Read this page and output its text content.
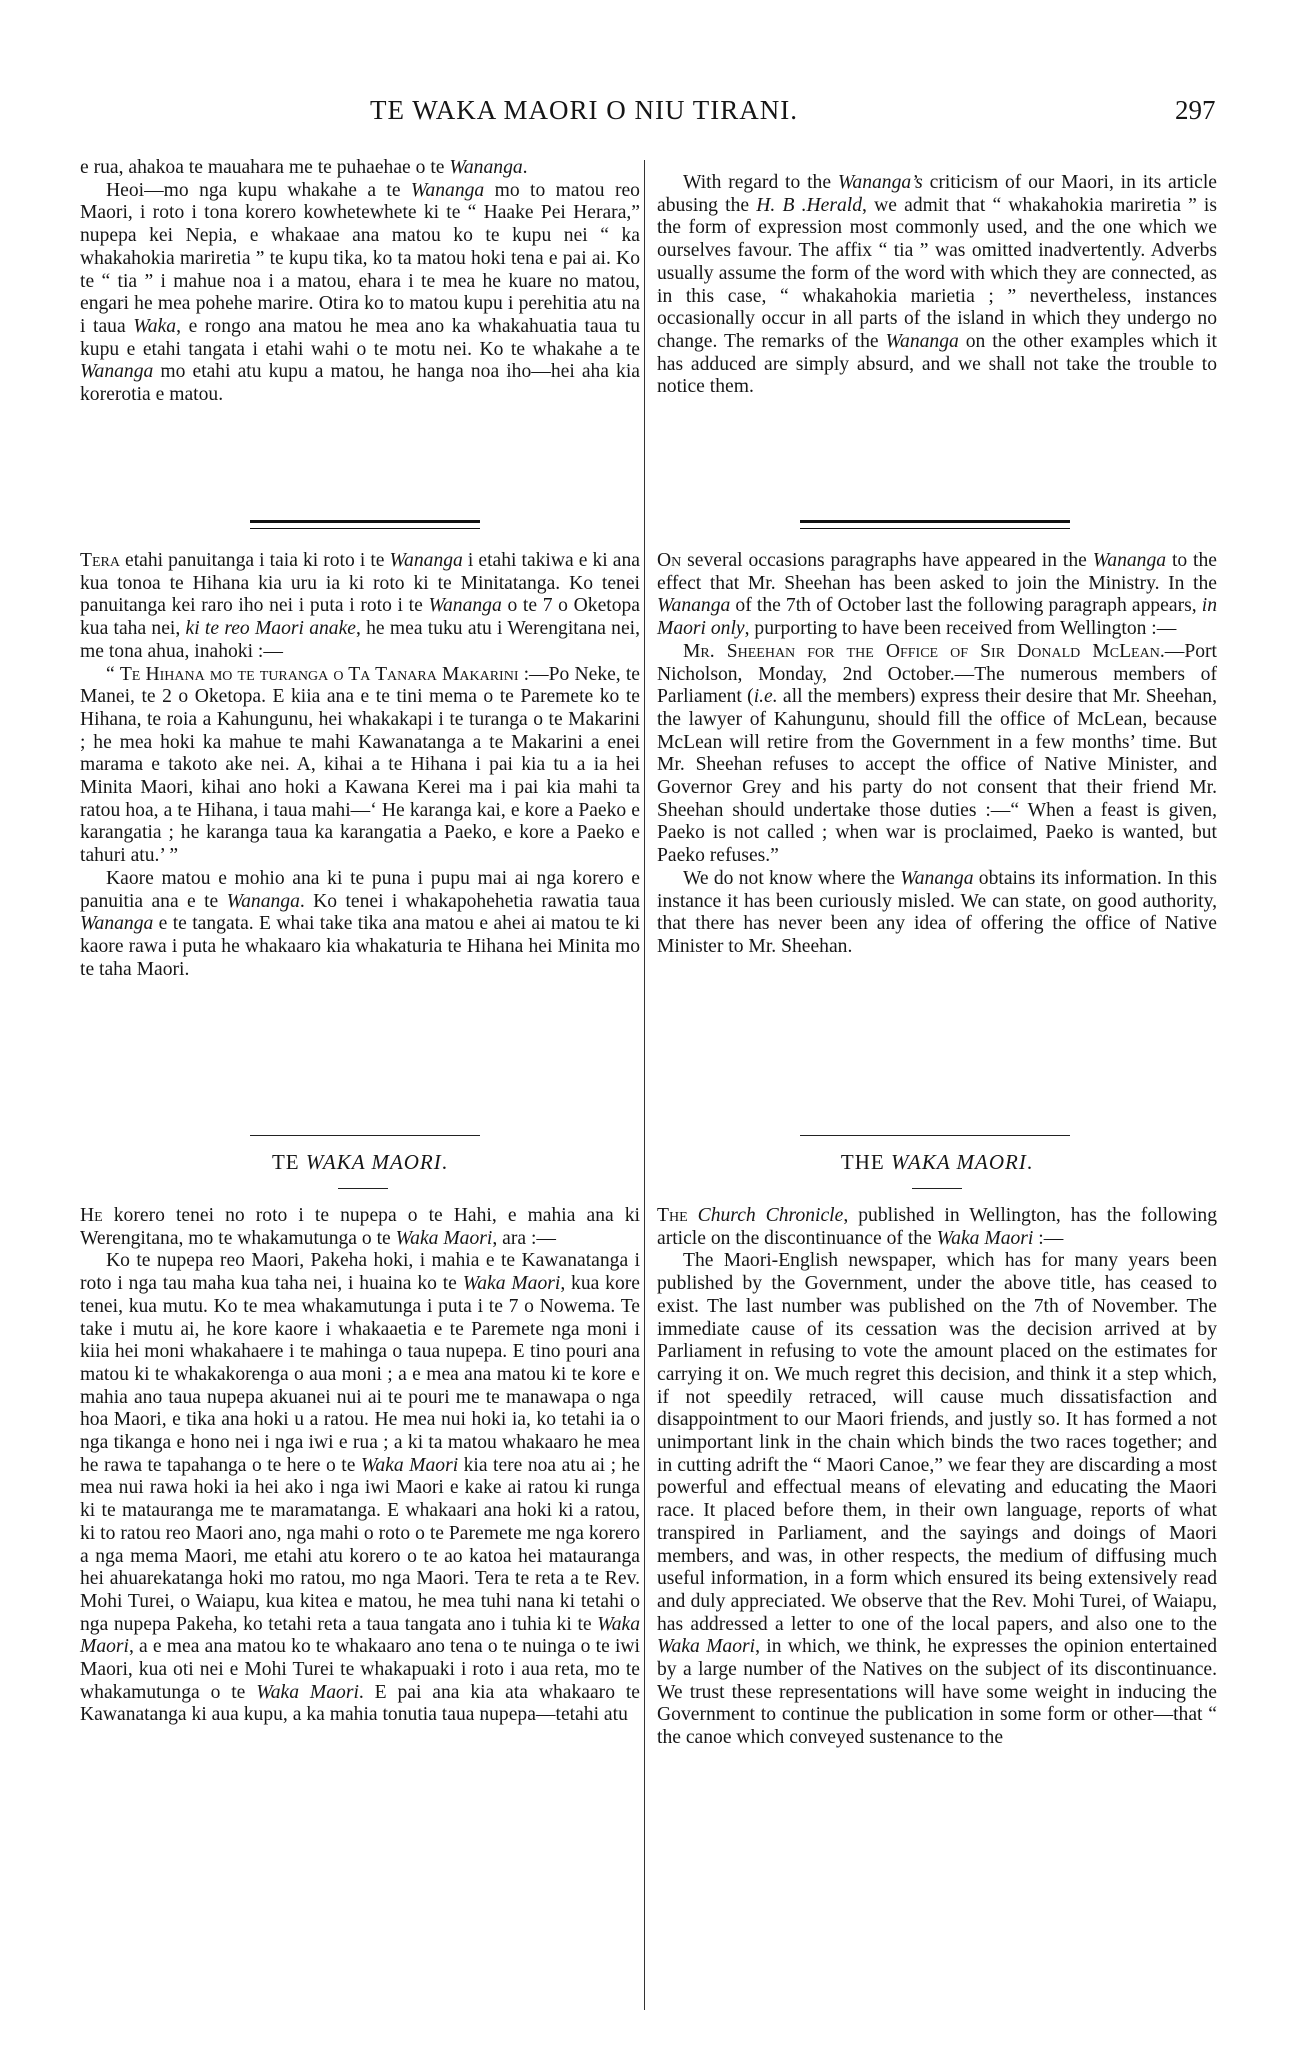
TE WAKA MAORI O NIU TIRANI.	297

e rua, ahakoa te mauahara me te puhaehae o te Wananga.

Heoi—mo nga kupu whakahe a te Wananga mo to matou reo Maori, i roto i tona korero kowhetewhete ki te “ Haake Pei Herara,” nupepa kei Nepia, e whakaae ana matou ko te kupu nei “ ka whakahokia mariretia ” te kupu tika, ko ta matou hoki tena e pai ai. Ko te “ tia ” i mahue noa i a matou, ehara i te mea he kuare no matou, engari he mea pohehe marire. Otira ko to matou kupu i perehitia atu na i taua Waka, e rongo ana matou he mea ano ka whakahuatia taua tu kupu e etahi tangata i etahi wahi o te motu nei. Ko te whakahe a te Wananga mo etahi atu kupu a matou, he hanga noa iho—hei aha kia korerotia e matou.

Tera etahi panuitanga i taia ki roto i te Wananga i etahi takiwa e ki ana kua tonoa te Hihana kia uru ia ki roto ki te Minitatanga. Ko tenei panuitanga kei raro iho nei i puta i roto i te Wananga o te 7 o Oketopa kua taha nei, ki te reo Maori anake, he mea tuku atu i Werengitana nei, me tona ahua, inahoki :—

“ Te Hihana mo te turanga o Ta Tanara Makarini :—Po Neke, te Manei, te 2 o Oketopa. E kiia ana e te tini mema o te Paremete ko te Hihana, te roia a Kahungunu, hei whakakapi i te turanga o te Makarini ; he mea hoki ka mahue te mahi Kawanatanga a te Makarini a enei marama e takoto ake nei. A, kihai a te Hihana i pai kia tu a ia hei Minita Maori, kihai ano hoki a Kawana Kerei ma i pai kia mahi ta ratou hoa, a te Hihana, i taua mahi—‘ He karanga kai, e kore a Paeko e karangatia ; he karanga taua ka karangatia a Paeko, e kore a Paeko e tahuri atu.’ ”

Kaore matou e mohio ana ki te puna i pupu mai ai nga korero e panuitia ana e te Wananga. Ko tenei i whakapohehetia rawatia taua Wananga e te tangata. E whai take tika ana matou e ahei ai matou te ki kaore rawa i puta he whakaaro kia whakaturia te Hihana hei Minita mo te taha Maori.

TE WAKA MAORI.

He korero tenei no roto i te nupepa o te Hahi, e mahia ana ki Werengitana, mo te whakamutunga o te Waka Maori, ara :—

Ko te nupepa reo Maori, Pakeha hoki, i mahia e te Kawanatanga i roto i nga tau maha kua taha nei, i huaina ko te Waka Maori, kua kore tenei, kua mutu. Ko te mea whakamutunga i puta i te 7 o Nowema. Te take i mutu ai, he kore kaore i whakaaetia e te Paremete nga moni i kiia hei moni whakahaere i te mahinga o taua nupepa. E tino pouri ana matou ki te whakakorenga o aua moni ; a e mea ana matou ki te kore e mahia ano taua nupepa akuanei nui ai te pouri me te manawapa o nga hoa Maori, e tika ana hoki u a ratou. He mea nui hoki ia, ko tetahi ia o nga tikanga e hono nei i nga iwi e rua ; a ki ta matou whakaaro he mea he rawa te tapahanga o te here o te Waka Maori kia tere noa atu ai ; he mea nui rawa hoki ia hei ako i nga iwi Maori e kake ai ratou ki runga ki te matauranga me te maramatanga. E whakaari ana hoki ki a ratou, ki to ratou reo Maori ano, nga mahi o roto o te Paremete me nga korero a nga mema Maori, me etahi atu korero o te ao katoa hei matauranga hei ahuarekatanga hoki mo ratou, mo nga Maori. Tera te reta a te Rev. Mohi Turei, o Waiapu, kua kitea e matou, he mea tuhi nana ki tetahi o nga nupepa Pakeha, ko tetahi reta a taua tangata ano i tuhia ki te Waka Maori, a e mea ana matou ko te whakaaro ano tena o te nuinga o te iwi Maori, kua oti nei e Mohi Turei te whakapuaki i roto i aua reta, mo te whakamutunga o te Waka Maori. E pai ana kia ata whakaaro te Kawanatanga ki aua kupu, a ka mahia tonutia taua nupepa—tetahi atu

With regard to the Wananga’s criticism of our Maori, in its article abusing the H. B .Herald, we admit that “ whakahokia mariretia ” is the form of expression most commonly used, and the one which we ourselves favour. The affix “ tia ” was omitted inadvertently. Adverbs usually assume the form of the word with which they are connected, as in this case, “ whakahokia marietia ; ” nevertheless, instances occasionally occur in all parts of the island in which they undergo no change. The remarks of the Wananga on the other examples which it has adduced are simply absurd, and we shall not take the trouble to notice them.

On several occasions paragraphs have appeared in the Wananga to the effect that Mr. Sheehan has been asked to join the Ministry. In the Wananga of the 7th of October last the following paragraph appears, in Maori only, purporting to have been received from Wellington :—

Mr. Sheehan for the Office of Sir Donald McLean.—Port Nicholson, Monday, 2nd October.—The numerous members of Parliament (i.e. all the members) express their desire that Mr. Sheehan, the lawyer of Kahungunu, should fill the office of McLean, because McLean will retire from the Government in a few months’ time. But Mr. Sheehan refuses to accept the office of Native Minister, and Governor Grey and his party do not consent that their friend Mr. Sheehan should undertake those duties :—“ When a feast is given, Paeko is not called ; when war is proclaimed, Paeko is wanted, but Paeko refuses.”

We do not know where the Wananga obtains its information. In this instance it has been curiously misled. We can state, on good authority, that there has never been any idea of offering the office of Native Minister to Mr. Sheehan.

THE WAKA MAORI.

The Church Chronicle, published in Wellington, has the following article on the discontinuance of the Waka Maori :—

The Maori-English newspaper, which has for many years been published by the Government, under the above title, has ceased to exist. The last number was published on the 7th of November. The immediate cause of its cessation was the decision arrived at by Parliament in refusing to vote the amount placed on the estimates for carrying it on. We much regret this decision, and think it a step which, if not speedily retraced, will cause much dissatisfaction and disappointment to our Maori friends, and justly so. It has formed a not unimportant link in the chain which binds the two races together; and in cutting adrift the “ Maori Canoe,” we fear they are discarding a most powerful and effectual means of elevating and educating the Maori race. It placed before them, in their own language, reports of what transpired in Parliament, and the sayings and doings of Maori members, and was, in other respects, the medium of diffusing much useful information, in a form which ensured its being extensively read and duly appreciated. We observe that the Rev. Mohi Turei, of Waiapu, has addressed a letter to one of the local papers, and also one to the Waka Maori, in which, we think, he expresses the opinion entertained by a large number of the Natives on the subject of its discontinuance. We trust these representations will have some weight in inducing the Government to continue the publication in some form or other—that “ the canoe which conveyed sustenance to the
